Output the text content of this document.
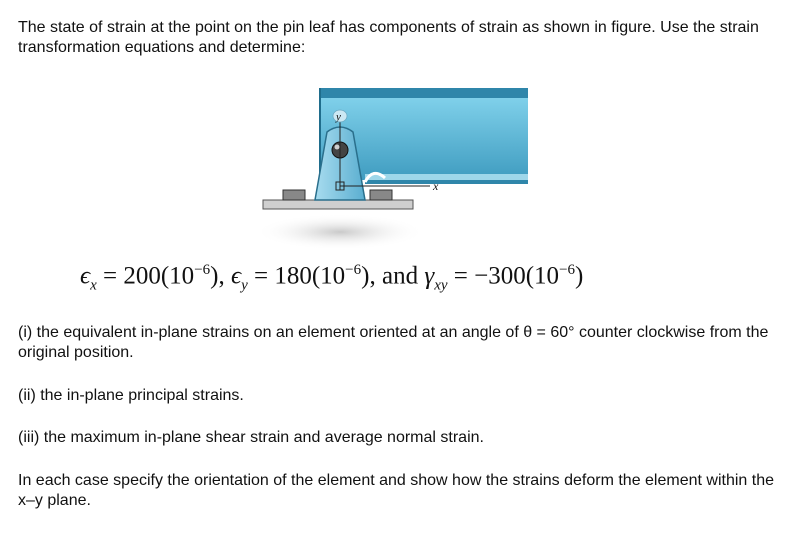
The state of strain at the point on the pin leaf has components of strain as shown in figure. Use the strain transformation equations and determine:

y
x
$\epsilon_x = 200(10^{-6})$, $\epsilon_y = 180(10^{-6})$, and $\gamma_{xy} = -300(10^{-6})$

(i) the equivalent in-plane strains on an element oriented at an angle of θ = 60° counter clockwise from the original position.

(ii) the in-plane principal strains.

(iii) the maximum in-plane shear strain and average normal strain.

In each case specify the orientation of the element and show how the strains deform the element within the x–y plane.
